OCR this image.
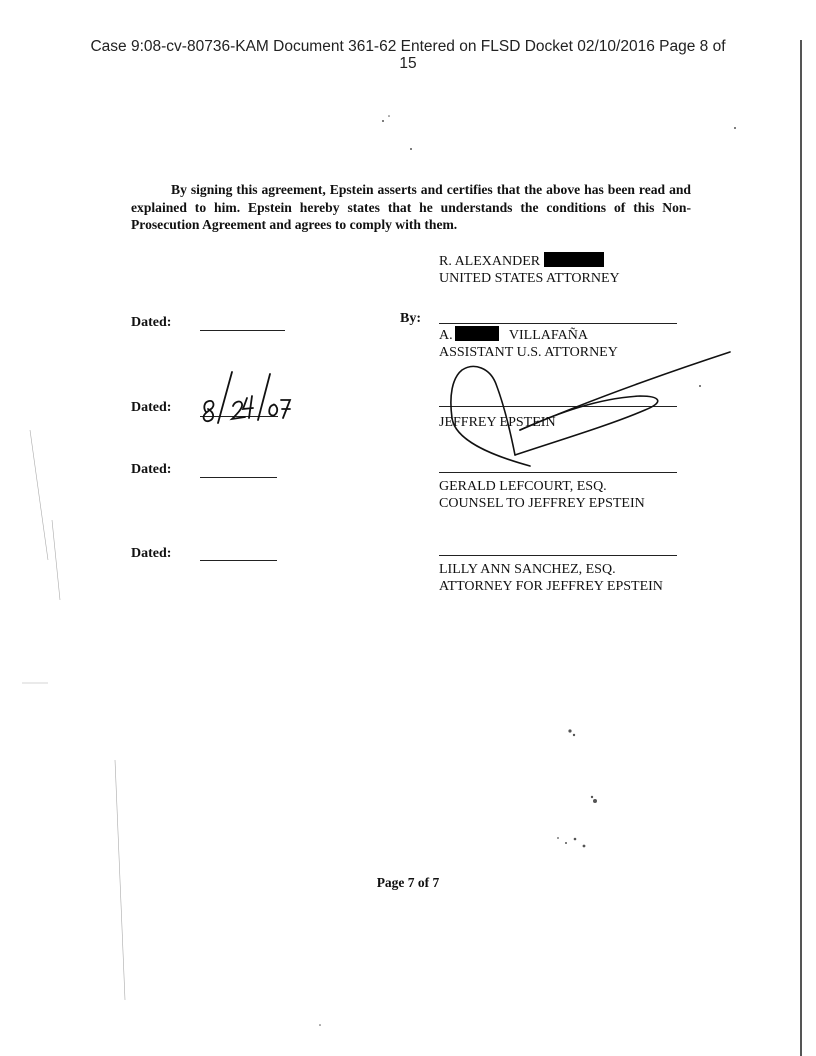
Case 9:08-cv-80736-KAM Document 361-62 Entered on FLSD Docket 02/10/2016 Page 8 of
15
By signing this agreement, Epstein asserts and certifies that the above has been read and explained to him. Epstein hereby states that he understands the conditions of this Non-Prosecution Agreement and agrees to comply with them.
R. ALEXANDER
UNITED STATES ATTORNEY
Dated:	By:
A.	VILLAFAÑA
ASSISTANT U.S. ATTORNEY
Dated:
JEFFREY EPSTEIN
Dated:
GERALD LEFCOURT, ESQ.
COUNSEL TO JEFFREY EPSTEIN
Dated:
LILLY ANN SANCHEZ, ESQ.
ATTORNEY FOR JEFFREY EPSTEIN
Page 7 of 7
